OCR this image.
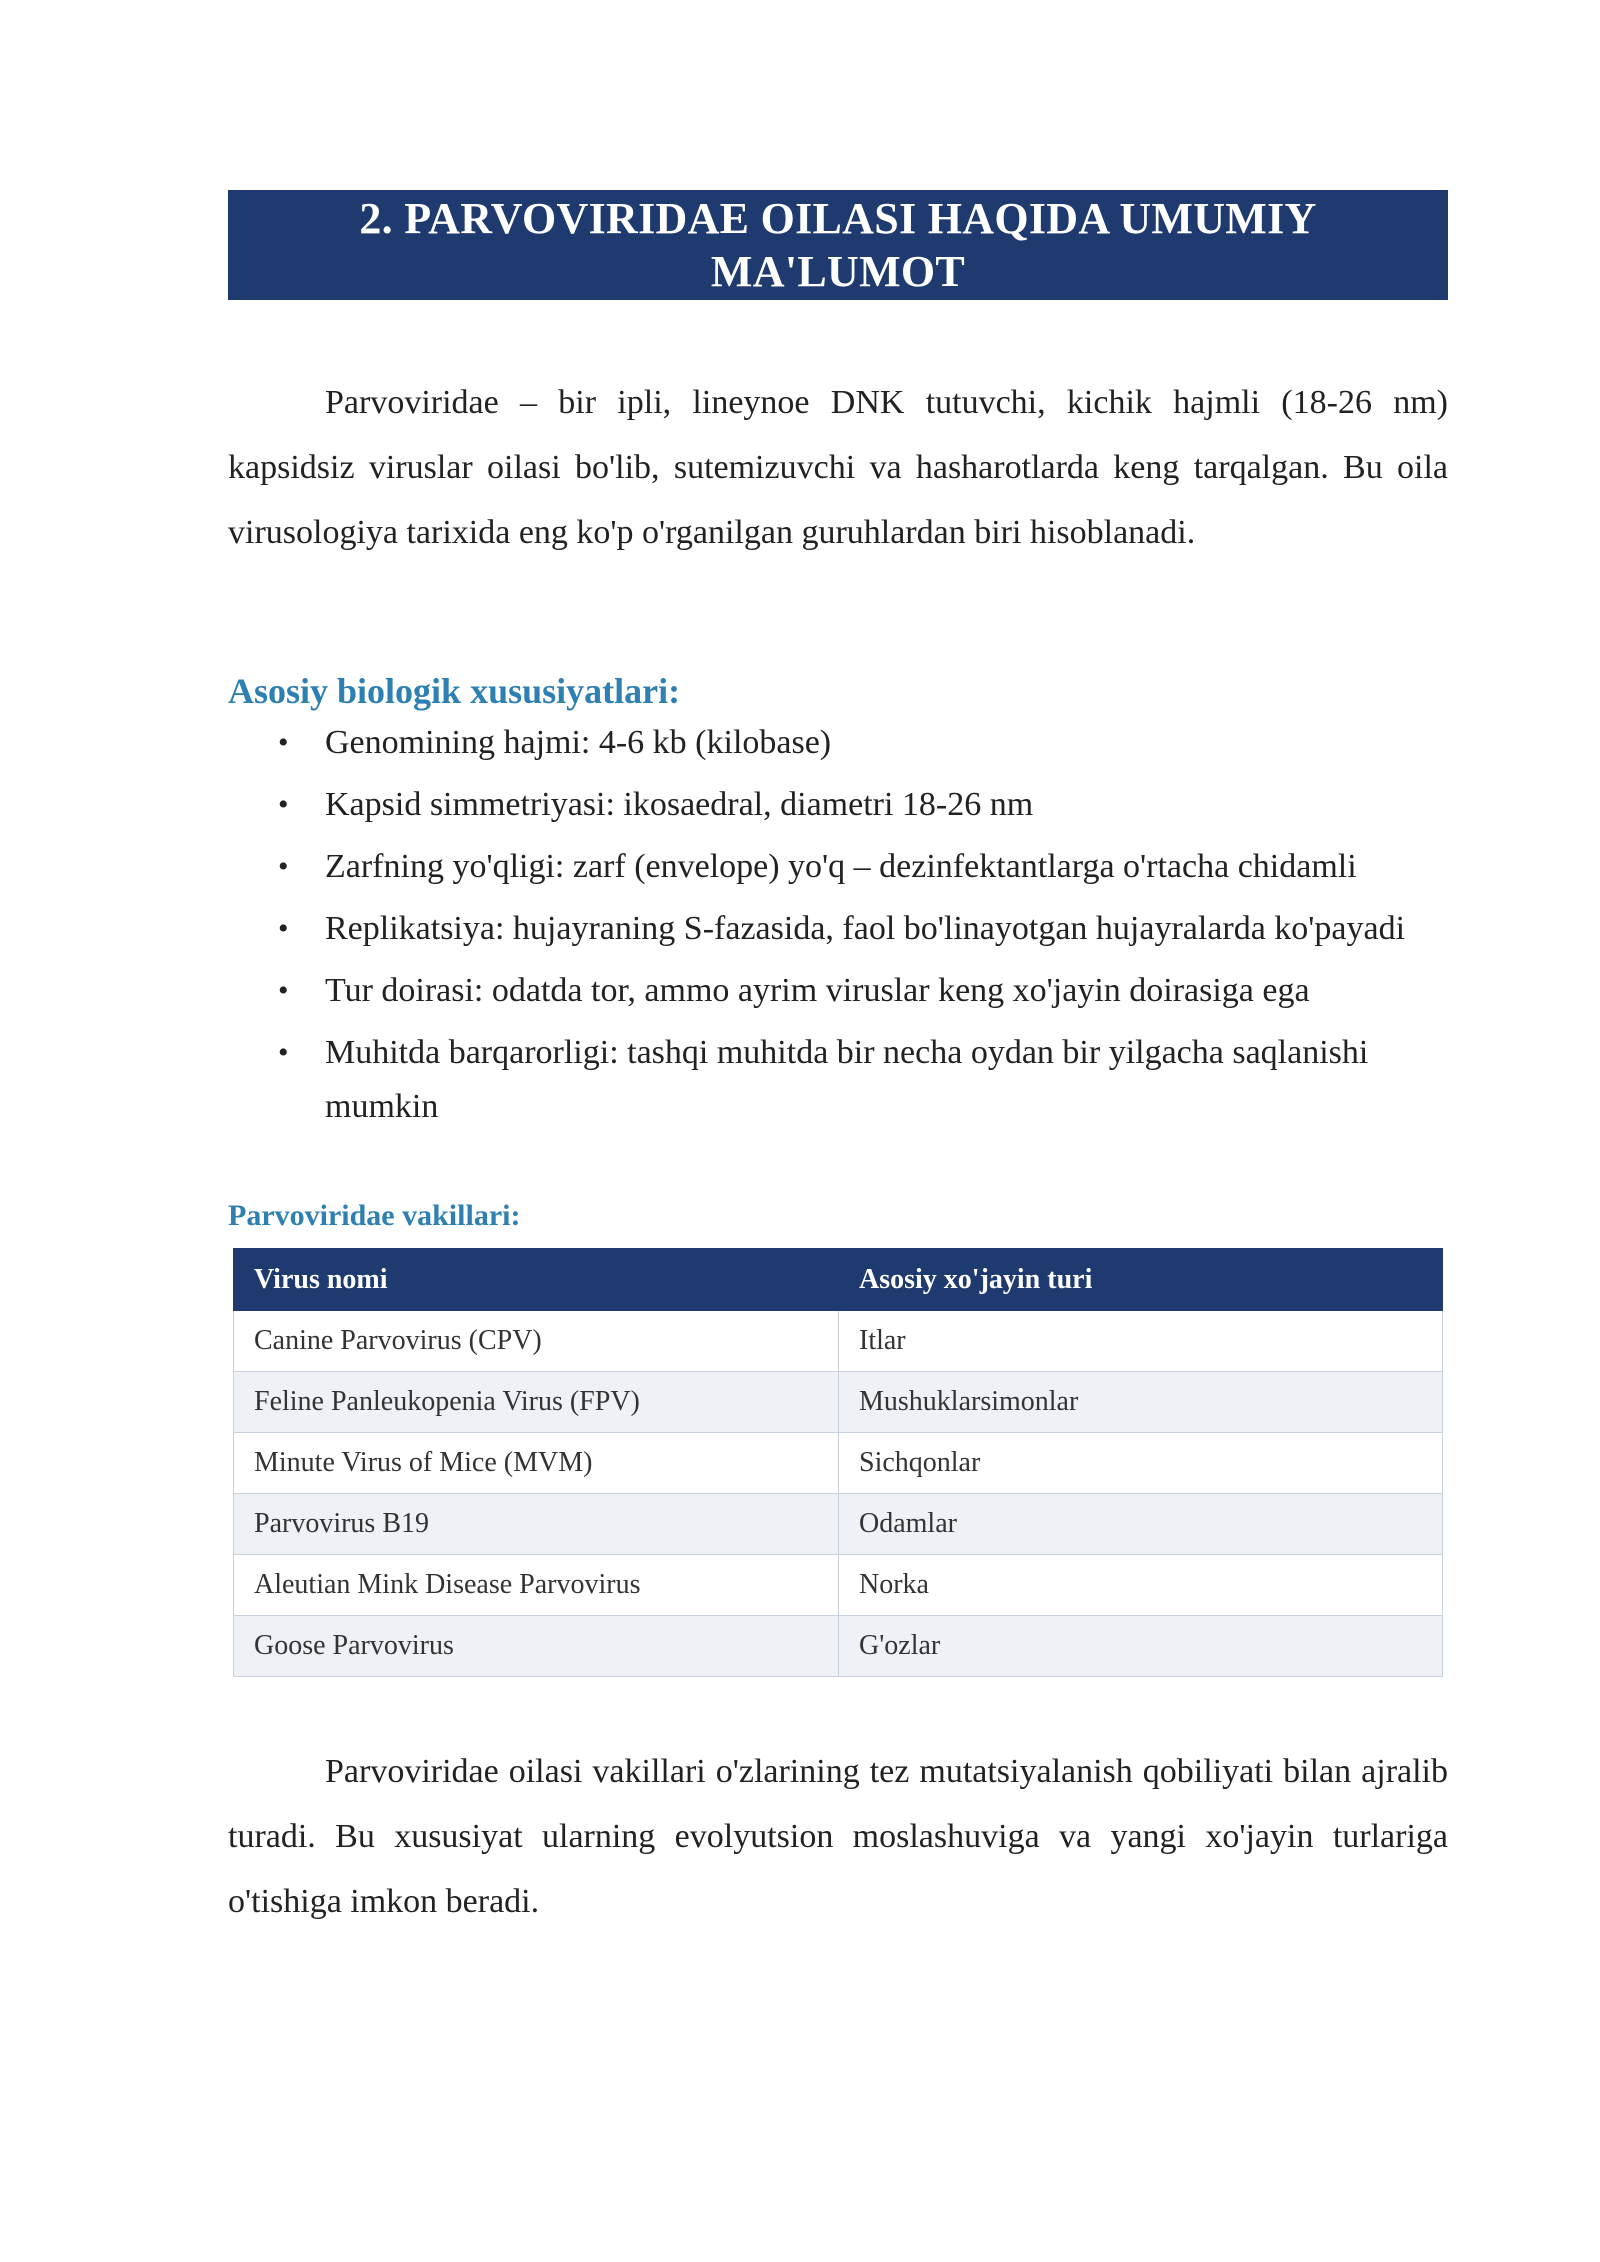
2. PARVOVIRIDAE OILASI HAQIDA UMUMIY
MA'LUMOT

Parvoviridae – bir ipli, lineynoe DNK tutuvchi, kichik hajmli (18-26 nm) kapsidsiz viruslar oilasi bo'lib, sutemizuvchi va hasharotlarda keng tarqalgan. Bu oila virusologiya tarixida eng ko'p o'rganilgan guruhlardan biri hisoblanadi.

Asosiy biologik xususiyatlari:
• Genomining hajmi: 4-6 kb (kilobase)
• Kapsid simmetriyasi: ikosaedral, diametri 18-26 nm
• Zarfning yo'qligi: zarf (envelope) yo'q – dezinfektantlarga o'rtacha chidamli
• Replikatsiya: hujayraning S-fazasida, faol bo'linayotgan hujayralarda ko'payadi
• Tur doirasi: odatda tor, ammo ayrim viruslar keng xo'jayin doirasiga ega
• Muhitda barqarorligi: tashqi muhitda bir necha oydan bir yilgacha saqlanishi mumkin
Parvoviridae vakillari:
Virus nomi	Asosiy xo'jayin turi
Canine Parvovirus (CPV)	Itlar
Feline Panleukopenia Virus (FPV)	Mushuklarsimonlar
Minute Virus of Mice (MVM)	Sichqonlar
Parvovirus B19	Odamlar
Aleutian Mink Disease Parvovirus	Norka
Goose Parvovirus	G'ozlar

Parvoviridae oilasi vakillari o'zlarining tez mutatsiyalanish qobiliyati bilan ajralib turadi. Bu xususiyat ularning evolyutsion moslashuviga va yangi xo'jayin turlariga o'tishiga imkon beradi.
